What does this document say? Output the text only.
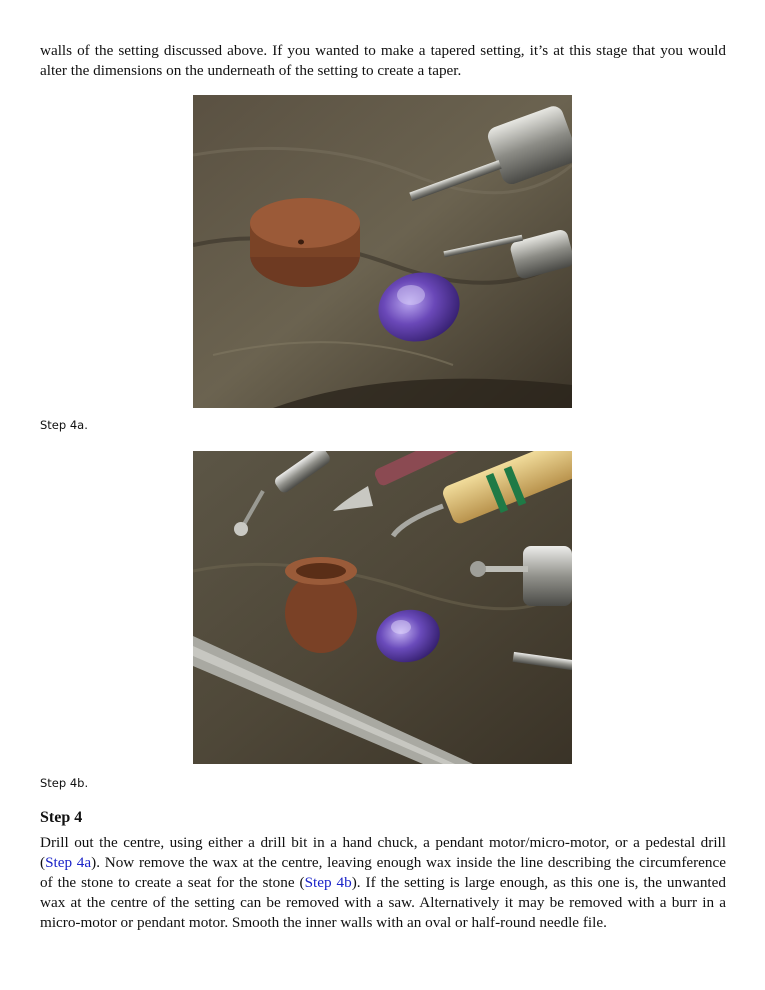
walls of the setting discussed above. If you wanted to make a tapered setting, it’s at this stage that you would alter the dimensions on the underneath of the setting to create a taper.

Step 4a.
Step 4b.
Step 4

Drill out the centre, using either a drill bit in a hand chuck, a pendant motor/micro-motor, or a pedestal drill (Step 4a). Now remove the wax at the centre, leaving enough wax inside the line describing the circumference of the stone to create a seat for the stone (Step 4b). If the setting is large enough, as this one is, the unwanted wax at the centre of the setting can be removed with a saw. Alternatively it may be removed with a burr in a micro-motor or pendant motor. Smooth the inner walls with an oval or half-round needle file.
